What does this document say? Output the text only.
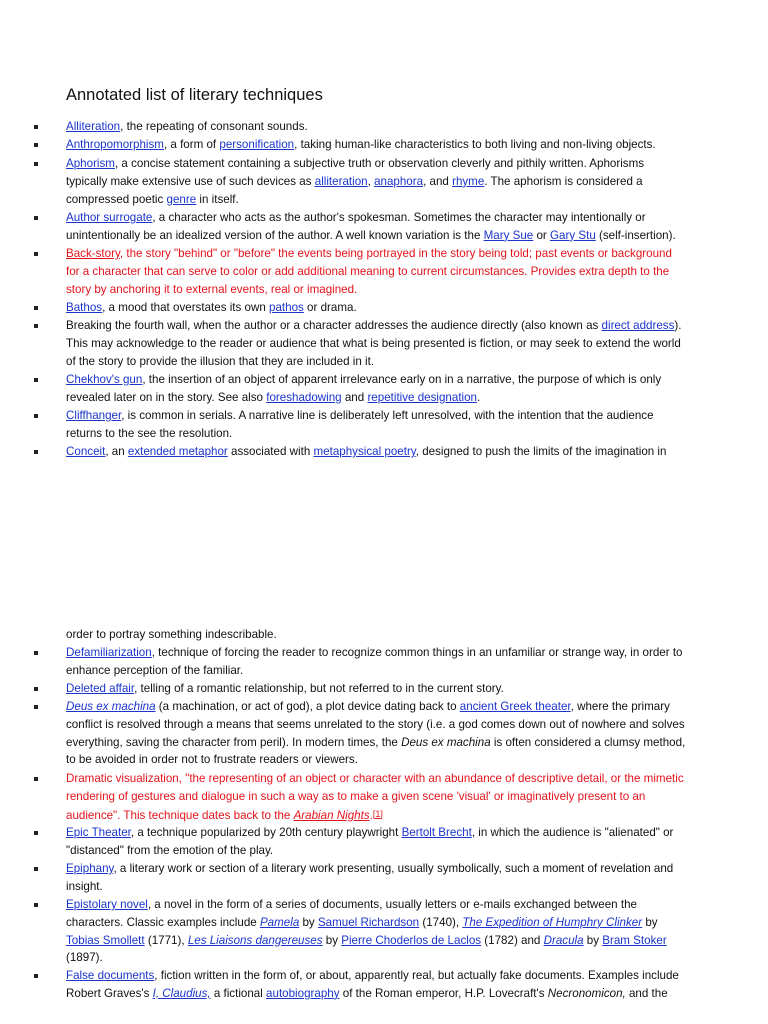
Annotated list of literary techniques
Alliteration, the repeating of consonant sounds.
Anthropomorphism, a form of personification, taking human-like characteristics to both living and non-living objects.
Aphorism, a concise statement containing a subjective truth or observation cleverly and pithily written. Aphorisms
typically make extensive use of such devices as alliteration, anaphora, and rhyme. The aphorism is considered a
compressed poetic genre in itself.
Author surrogate, a character who acts as the author's spokesman. Sometimes the character may intentionally or
unintentionally be an idealized version of the author. A well known variation is the Mary Sue or Gary Stu (self-insertion).
Back-story, the story "behind" or "before" the events being portrayed in the story being told; past events or background
for a character that can serve to color or add additional meaning to current circumstances. Provides extra depth to the
story by anchoring it to external events, real or imagined.
Bathos, a mood that overstates its own pathos or drama.
Breaking the fourth wall, when the author or a character addresses the audience directly (also known as direct address).
This may acknowledge to the reader or audience that what is being presented is fiction, or may seek to extend the world
of the story to provide the illusion that they are included in it.
Chekhov's gun, the insertion of an object of apparent irrelevance early on in a narrative, the purpose of which is only
revealed later on in the story. See also foreshadowing and repetitive designation.
Cliffhanger, is common in serials. A narrative line is deliberately left unresolved, with the intention that the audience
returns to the see the resolution.
Conceit, an extended metaphor associated with metaphysical poetry, designed to push the limits of the imagination in
order to portray something indescribable.
Defamiliarization, technique of forcing the reader to recognize common things in an unfamiliar or strange way, in order to
enhance perception of the familiar.
Deleted affair, telling of a romantic relationship, but not referred to in the current story.
Deus ex machina (a machination, or act of god), a plot device dating back to ancient Greek theater, where the primary
conflict is resolved through a means that seems unrelated to the story (i.e. a god comes down out of nowhere and solves
everything, saving the character from peril). In modern times, the Deus ex machina is often considered a clumsy method,
to be avoided in order not to frustrate readers or viewers.
Dramatic visualization, "the representing of an object or character with an abundance of descriptive detail, or the mimetic
rendering of gestures and dialogue in such a way as to make a given scene 'visual' or imaginatively present to an
audience". This technique dates back to the Arabian Nights.[1]
Epic Theater, a technique popularized by 20th century playwright Bertolt Brecht, in which the audience is "alienated" or
"distanced" from the emotion of the play.
Epiphany, a literary work or section of a literary work presenting, usually symbolically, such a moment of revelation and
insight.
Epistolary novel, a novel in the form of a series of documents, usually letters or e-mails exchanged between the
characters. Classic examples include Pamela by Samuel Richardson (1740), The Expedition of Humphry Clinker by
Tobias Smollett (1771), Les Liaisons dangereuses by Pierre Choderlos de Laclos (1782) and Dracula by Bram Stoker
(1897).
False documents, fiction written in the form of, or about, apparently real, but actually fake documents. Examples include
Robert Graves's I, Claudius, a fictional autobiography of the Roman emperor, H.P. Lovecraft's Necronomicon, and the
